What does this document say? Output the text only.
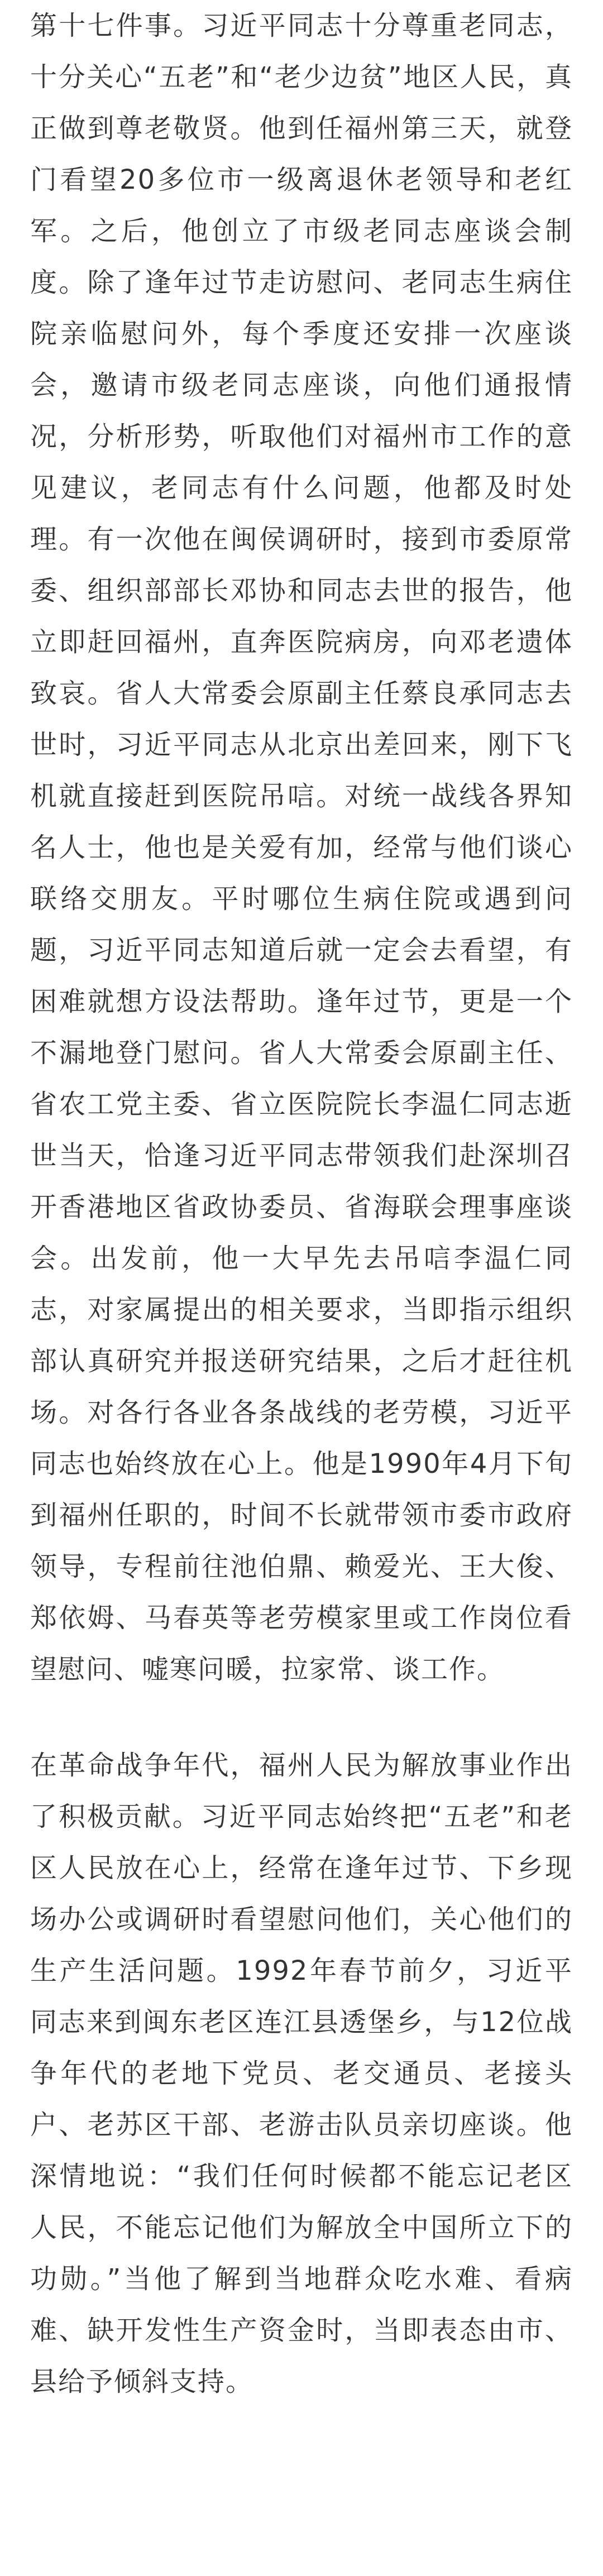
第十七件事。习近平同志十分尊重老同志，十分关心“五老”和“老少边贫”地区人民，真正做到尊老敬贤。他到任福州第三天，就登门看望20多位市一级离退休老领导和老红军。之后，他创立了市级老同志座谈会制度。除了逢年过节走访慰问、老同志生病住院亲临慰问外，每个季度还安排一次座谈会，邀请市级老同志座谈，向他们通报情况，分析形势，听取他们对福州市工作的意见建议，老同志有什么问题，他都及时处理。有一次他在闽侯调研时，接到市委原常委、组织部部长邓协和同志去世的报告，他立即赶回福州，直奔医院病房，向邓老遗体致哀。省人大常委会原副主任蔡良承同志去世时，习近平同志从北京出差回来，刚下飞机就直接赶到医院吊唁。对统一战线各界知名人士，他也是关爱有加，经常与他们谈心联络交朋友。平时哪位生病住院或遇到问题，习近平同志知道后就一定会去看望，有困难就想方设法帮助。逢年过节，更是一个不漏地登门慰问。省人大常委会原副主任、省农工党主委、省立医院院长李温仁同志逝世当天，恰逢习近平同志带领我们赴深圳召开香港地区省政协委员、省海联会理事座谈会。出发前，他一大早先去吊唁李温仁同志，对家属提出的相关要求，当即指示组织部认真研究并报送研究结果，之后才赶往机场。对各行各业各条战线的老劳模，习近平同志也始终放在心上。他是1990年4月下旬到福州任职的，时间不长就带领市委市政府领导，专程前往池伯鼎、赖爱光、王大俊、郑依姆、马春英等老劳模家里或工作岗位看望慰问、嘘寒问暖，拉家常、谈工作。

在革命战争年代，福州人民为解放事业作出了积极贡献。习近平同志始终把“五老”和老区人民放在心上，经常在逢年过节、下乡现场办公或调研时看望慰问他们，关心他们的生产生活问题。1992年春节前夕，习近平同志来到闽东老区连江县透堡乡，与12位战争年代的老地下党员、老交通员、老接头户、老苏区干部、老游击队员亲切座谈。他深情地说：“我们任何时候都不能忘记老区人民，不能忘记他们为解放全中国所立下的功勋。”当他了解到当地群众吃水难、看病难、缺开发性生产资金时，当即表态由市、县给予倾斜支持。
